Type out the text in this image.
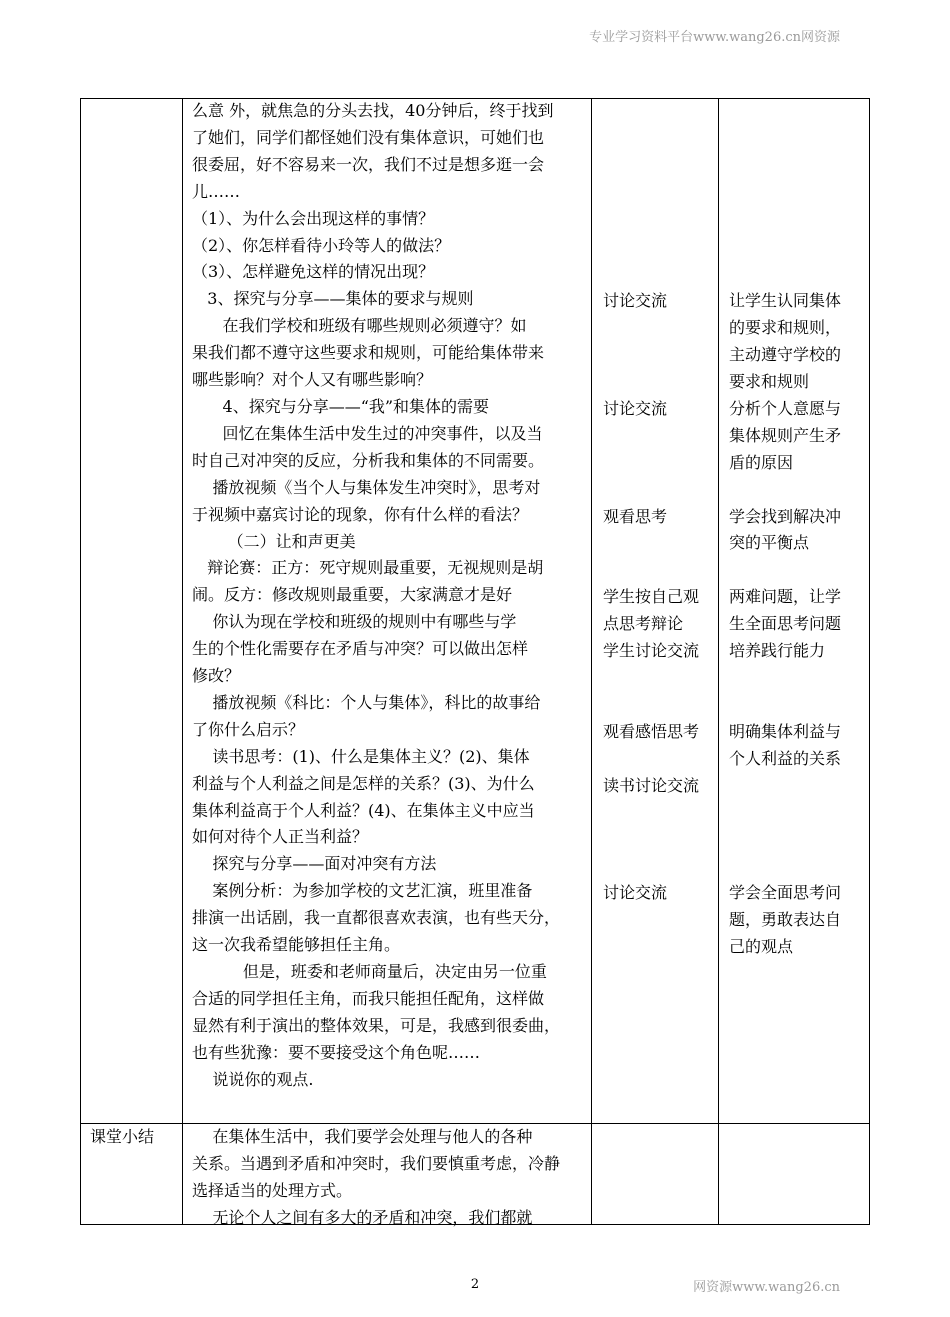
专业学习资料平台www.wang26.cn网资源

么意 外，就焦急的分头去找，40分钟后，终于找到

了她们，同学们都怪她们没有集体意识，可她们也

很委屈，好不容易来一次，我们不过是想多逛一会

儿……

（1）、为什么会出现这样的事情？

（2）、你怎样看待小玲等人的做法？

（3）、怎样避免这样的情况出现？

3、探究与分享——集体的要求与规则

在我们学校和班级有哪些规则必须遵守？如

果我们都不遵守这些要求和规则，可能给集体带来

哪些影响？对个人又有哪些影响？

4、探究与分享——“我”和集体的需要

回忆在集体生活中发生过的冲突事件，以及当

时自己对冲突的反应，分析我和集体的不同需要。

播放视频《当个人与集体发生冲突时》，思考对

于视频中嘉宾讨论的现象，你有什么样的看法？

（二）让和声更美

辩论赛：正方：死守规则最重要，无视规则是胡

闹。反方：修改规则最重要，大家满意才是好

你认为现在学校和班级的规则中有哪些与学

生的个性化需要存在矛盾与冲突？可以做出怎样

修改？

播放视频《科比：个人与集体》，科比的故事给

了你什么启示？

读书思考：(1)、什么是集体主义？(2)、集体

利益与个人利益之间是怎样的关系？(3)、为什么

集体利益高于个人利益？(4)、在集体主义中应当

如何对待个人正当利益？

探究与分享——面对冲突有方法

案例分析：为参加学校的文艺汇演，班里准备

排演一出话剧，我一直都很喜欢表演，也有些天分，

这一次我希望能够担任主角。

但是，班委和老师商量后，决定由另一位重

合适的同学担任主角，而我只能担任配角，这样做

显然有利于演出的整体效果，可是，我感到很委曲，

也有些犹豫：要不要接受这个角色呢……

说说你的观点.

讨论交流

讨论交流

观看思考

学生按自己观

点思考辩论

学生讨论交流

观看感悟思考

读书讨论交流

讨论交流

让学生认同集体

的要求和规则，

主动遵守学校的

要求和规则

分析个人意愿与

集体规则产生矛

盾的原因

学会找到解决冲

突的平衡点

两难问题，让学

生全面思考问题

培养践行能力

明确集体利益与

个人利益的关系

学会全面思考问

题，勇敢表达自

己的观点

课堂小结	在集体生活中，我们要学会处理与他人的各种

关系。当遇到矛盾和冲突时，我们要慎重考虑，冷静

选择适当的处理方式。

无论个人之间有多大的矛盾和冲突，我们都就

2	网资源www.wang26.cn
